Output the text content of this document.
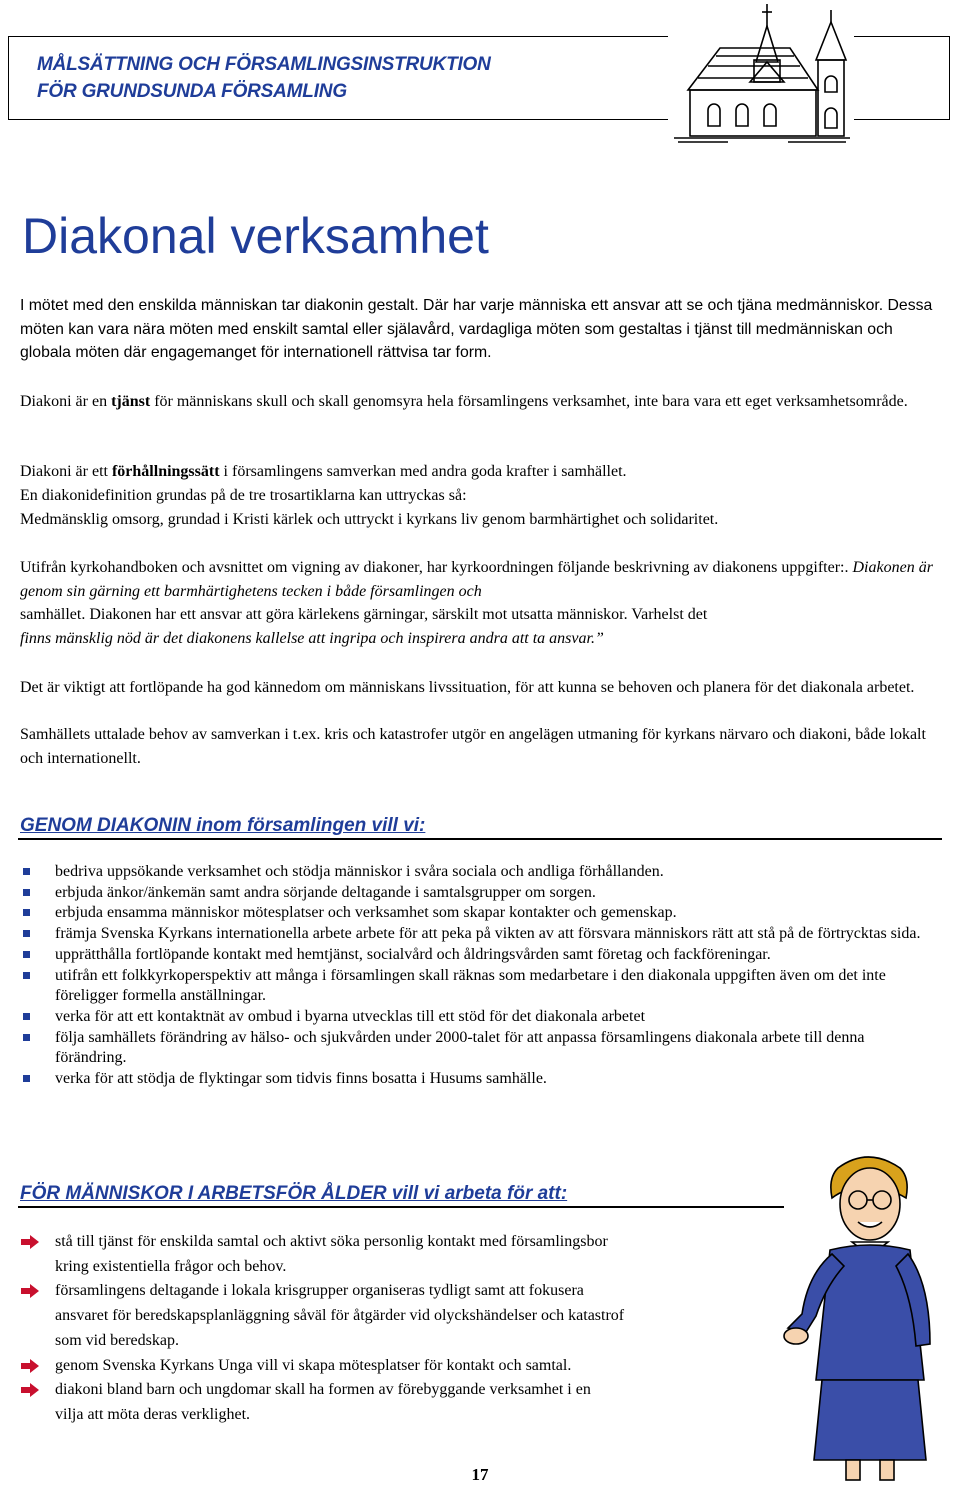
MÅLSÄTTNING OCH FÖRSAMLINGSINSTRUKTION
FÖR GRUNDSUNDA FÖRSAMLING
Diakonal verksamhet
I mötet med den enskilda människan tar diakonin gestalt. Där har varje människa ett ansvar att se och tjäna medmänniskor. Dessa möten kan vara nära möten med enskilt samtal eller själavård, vardagliga möten som gestaltas i tjänst till medmänniskan och globala möten där engagemanget för internationell rättvisa tar form.
Diakoni är en tjänst för människans skull och skall genomsyra hela församlingens verksamhet, inte bara vara ett eget verksamhetsområde.
Diakoni är ett förhållningssätt i församlingens samverkan med andra goda krafter i samhället.
En diakonidefinition grundas på de tre trosartiklarna kan uttryckas så:
Medmänsklig omsorg, grundad i Kristi kärlek och uttryckt i kyrkans liv genom barmhärtighet och solidaritet.
Utifrån kyrkohandboken och avsnittet om vigning av diakoner, har kyrkoordningen följande beskrivning av diakonens uppgifter:. Diakonen är genom sin gärning ett barmhärtighetens tecken i både församlingen och
samhället. Diakonen har ett ansvar att göra kärlekens gärningar, särskilt mot utsatta människor. Varhelst det
finns mänsklig nöd är det diakonens kallelse att ingripa och inspirera andra att ta ansvar.”
Det är viktigt att fortlöpande ha god kännedom om människans livssituation, för att kunna se behoven och planera för det diakonala arbetet.
Samhällets uttalade behov av samverkan i t.ex. kris och katastrofer utgör en angelägen utmaning för kyrkans närvaro och diakoni, både lokalt och internationellt.
GENOM DIAKONIN inom församlingen vill vi:
bedriva uppsökande verksamhet och stödja människor i svåra sociala och andliga förhållanden.
erbjuda änkor/änkemän samt andra sörjande deltagande i samtalsgrupper om sorgen.
erbjuda ensamma människor mötesplatser och verksamhet som skapar kontakter och gemenskap.
främja Svenska Kyrkans internationella arbete arbete för att peka på vikten av att försvara människors rätt att stå på de förtrycktas sida.
upprätthålla fortlöpande kontakt med hemtjänst, socialvård och åldringsvården samt företag och fackföreningar.
utifrån ett folkkyrkoperspektiv att många i församlingen skall räknas som medarbetare i den diakonala uppgiften även om det inte föreligger formella anställningar.
verka för att ett kontaktnät av ombud i byarna utvecklas till ett stöd för det diakonala arbetet
följa samhällets förändring av hälso- och sjukvården under 2000-talet för att anpassa församlingens diakonala arbete till denna förändring.
verka för att stödja de flyktingar som tidvis finns bosatta i Husums samhälle.
FÖR MÄNNISKOR I ARBETSFÖR ÅLDER vill vi arbeta för att:
stå till tjänst för enskilda samtal och aktivt söka personlig kontakt med församlingsbor
kring existentiella frågor och behov.
församlingens deltagande i lokala krisgrupper organiseras tydligt samt att fokusera
ansvaret för beredskapsplanläggning såväl för åtgärder vid olyckshändelser och katastrof
som vid beredskap.
genom Svenska Kyrkans Unga vill vi skapa mötesplatser för kontakt och samtal.
diakoni bland barn och ungdomar skall ha formen av förebyggande verksamhet i en
vilja att möta deras verklighet.
17
